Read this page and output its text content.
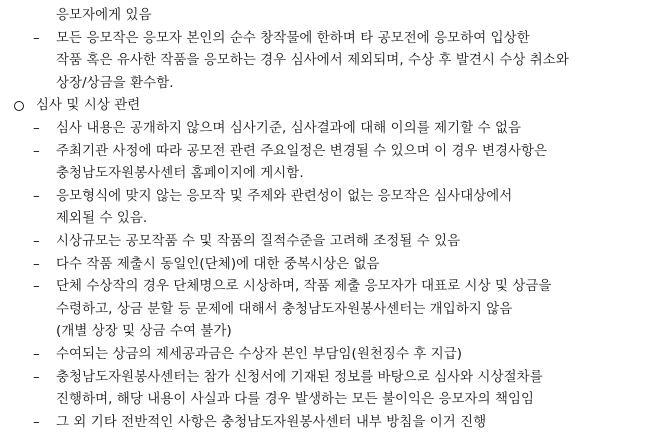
응모자에게 있음
– 모든 응모작은 응모자 본인의 순수 창작물에 한하며 타 공모전에 응모하여 입상한
작품 혹은 유사한 작품을 응모하는 경우 심사에서 제외되며, 수상 후 발견시 수상 취소와
상장/상금을 환수함.
심사 및 시상 관련
– 심사 내용은 공개하지 않으며 심사기준, 심사결과에 대해 이의를 제기할 수 없음
– 주최기관 사정에 따라 공모전 관련 주요일정은 변경될 수 있으며 이 경우 변경사항은
충청남도자원봉사센터 홈페이지에 게시함.
– 응모형식에 맞지 않는 응모작 및 주제와 관련성이 없는 응모작은 심사대상에서
제외될 수 있음.
– 시상규모는 공모작품 수 및 작품의 질적수준을 고려해 조정될 수 있음
– 다수 작품 제출시 동일인(단체)에 대한 중복시상은 없음
– 단체 수상작의 경우 단체명으로 시상하며, 작품 제출 응모자가 대표로 시상 및 상금을
수령하고, 상금 분할 등 문제에 대해서 충청남도자원봉사센터는 개입하지 않음
(개별 상장 및 상금 수여 불가)
– 수여되는 상금의 제세공과금은 수상자 본인 부담임(원천징수 후 지급)
– 충청남도자원봉사센터는 참가 신청서에 기재된 정보를 바탕으로 심사와 시상절차를
진행하며, 해당 내용이 사실과 다를 경우 발생하는 모든 불이익은 응모자의 책임임
– 그 외 기타 전반적인 사항은 충청남도자원봉사센터 내부 방침을 이거 진행
